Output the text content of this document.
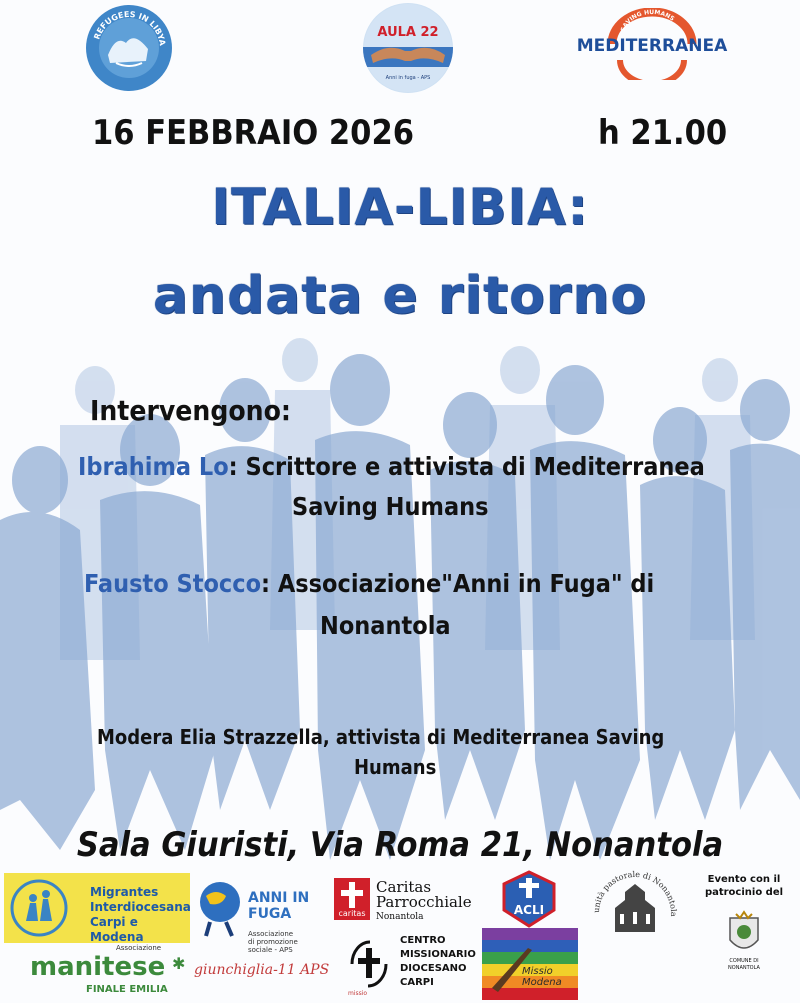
REFUGEES IN LIBYA
AULA 22
Anni in fuga - APS
SAVING HUMANS
MEDITERRANEA
16 FEBBRAIO 2026	h 21.00
ITALIA-LIBIA:
andata e ritorno
Intervengono:
Ibrahima Lo: Scrittore e attivista di Mediterranea
Saving Humans
Fausto Stocco: Associazione"Anni in Fuga" di
Nonantola
Modera Elia Strazzella, attivista di Mediterranea Saving
Humans
Sala Giuristi, Via Roma 21, Nonantola
Migrantes
Interdiocesana
Carpi e Modena
ANNI IN
FUGA
Associazione
di promozione
sociale - APS
caritas
Caritas
Parrocchiale
Nonantola	ACLI	unità pastorale di Nonantola
Evento con il
patrocinio del
COMUNE DI
NONANTOLA
Associazione
manitese ✱
FINALE EMILIA
giunchiglia-11 APS
missio
CENTRO
MISSIONARIO
DIOCESANO
CARPI
Missio
Modena
